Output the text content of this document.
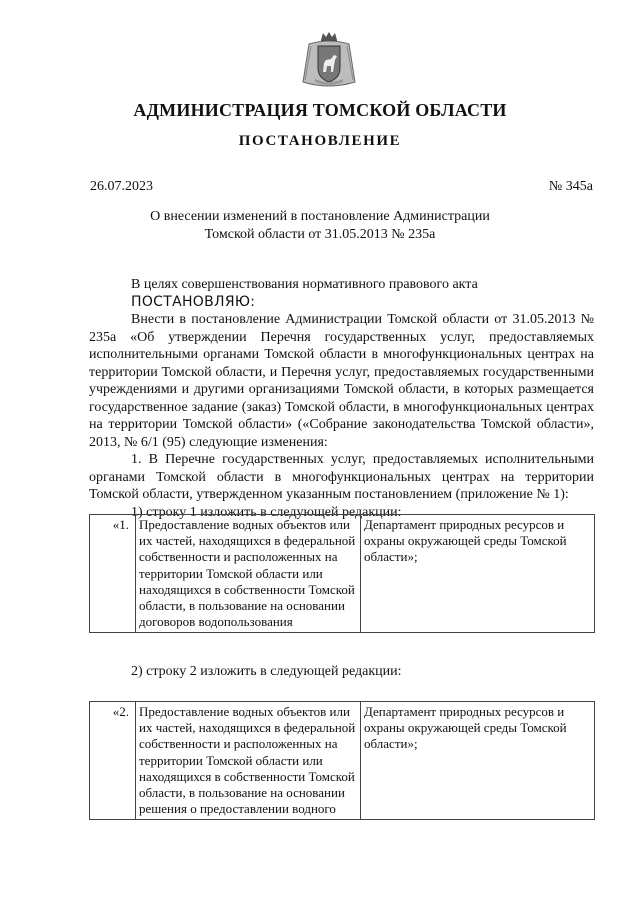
АДМИНИСТРАЦИЯ ТОМСКОЙ ОБЛАСТИ
ПОСТАНОВЛЕНИЕ
26.07.2023	№ 345а
О внесении изменений в постановление Администрации
Томской области от 31.05.2013 № 235а

В целях совершенствования нормативного правового акта

ПОСТАНОВЛЯЮ:

Внести в постановление Администрации Томской области от 31.05.2013 № 235а «Об утверждении Перечня государственных услуг, предоставляемых исполнительными органами Томской области в многофункциональных центрах на территории Томской области, и Перечня услуг, предоставляемых государственными учреждениями и другими организациями Томской области, в которых размещается государственное задание (заказ) Томской области, в многофункциональных центрах на территории Томской области» («Собрание законодательства Томской области», 2013, № 6/1 (95) следующие изменения:

1. В Перечне государственных услуг, предоставляемых исполнительными органами Томской области в многофункциональных центрах на территории Томской области, утвержденном указанным постановлением (приложение № 1):

1) строку 1 изложить в следующей редакции:

«1.	Предоставление водных объектов или их частей, находящихся в федеральной собственности и расположенных на территории Томской области или находящихся в собственности Томской области, в пользование на основании договоров водопользования	Департамент природных ресурсов и охраны окружающей среды Томской области»;
2) строку 2 изложить в следующей редакции:
«2.	Предоставление водных объектов или их частей, находящихся в федеральной собственности и расположенных на территории Томской области или находящихся в собственности Томской области, в пользование на основании решения о предоставлении водного	Департамент природных ресурсов и охраны окружающей среды Томской области»;
